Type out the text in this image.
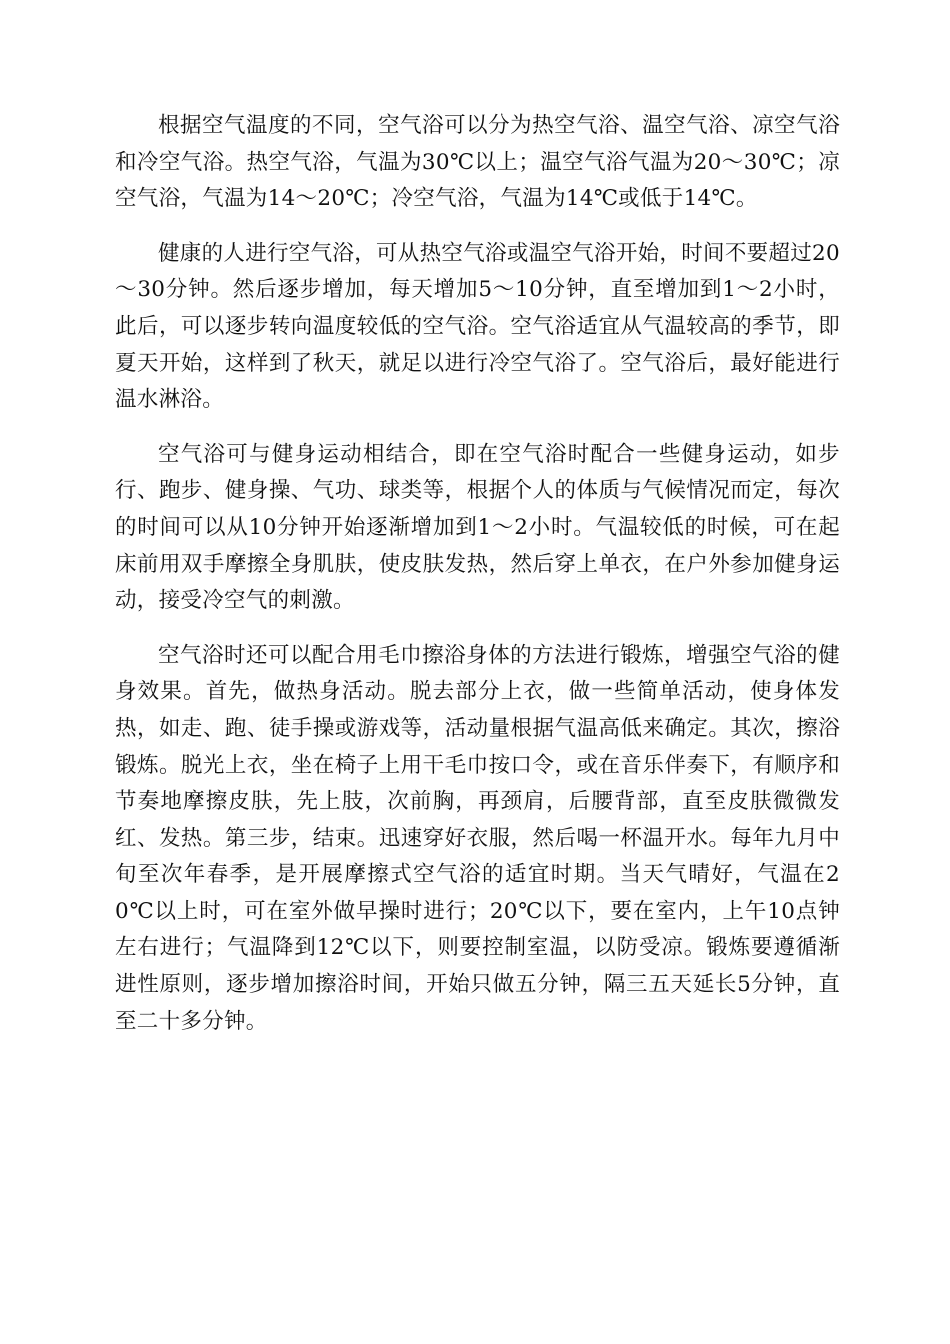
根据空气温度的不同，空气浴可以分为热空气浴、温空气浴、凉空气浴和冷空气浴。热空气浴，气温为30℃以上；温空气浴气温为20～30℃；凉空气浴，气温为14～20℃；冷空气浴，气温为14℃或低于14℃。

健康的人进行空气浴，可从热空气浴或温空气浴开始，时间不要超过20～30分钟。然后逐步增加，每天增加5～10分钟，直至增加到1～2小时，此后，可以逐步转向温度较低的空气浴。空气浴适宜从气温较高的季节，即夏天开始，这样到了秋天，就足以进行冷空气浴了。空气浴后，最好能进行温水淋浴。

空气浴可与健身运动相结合，即在空气浴时配合一些健身运动，如步行、跑步、健身操、气功、球类等，根据个人的体质与气候情况而定，每次的时间可以从10分钟开始逐渐增加到1～2小时。气温较低的时候，可在起床前用双手摩擦全身肌肤，使皮肤发热，然后穿上单衣，在户外参加健身运动，接受冷空气的刺激。

空气浴时还可以配合用毛巾擦浴身体的方法进行锻炼，增强空气浴的健身效果。首先，做热身活动。脱去部分上衣，做一些简单活动，使身体发热，如走、跑、徒手操或游戏等，活动量根据气温高低来确定。其次，擦浴锻炼。脱光上衣，坐在椅子上用干毛巾按口令，或在音乐伴奏下，有顺序和节奏地摩擦皮肤，先上肢，次前胸，再颈肩，后腰背部，直至皮肤微微发红、发热。第三步，结束。迅速穿好衣服，然后喝一杯温开水。每年九月中旬至次年春季，是开展摩擦式空气浴的适宜时期。当天气晴好，气温在20℃以上时，可在室外做早操时进行；20℃以下，要在室内，上午10点钟左右进行；气温降到12℃以下，则要控制室温，以防受凉。锻炼要遵循渐进性原则，逐步增加擦浴时间，开始只做五分钟，隔三五天延长5分钟，直至二十多分钟。
